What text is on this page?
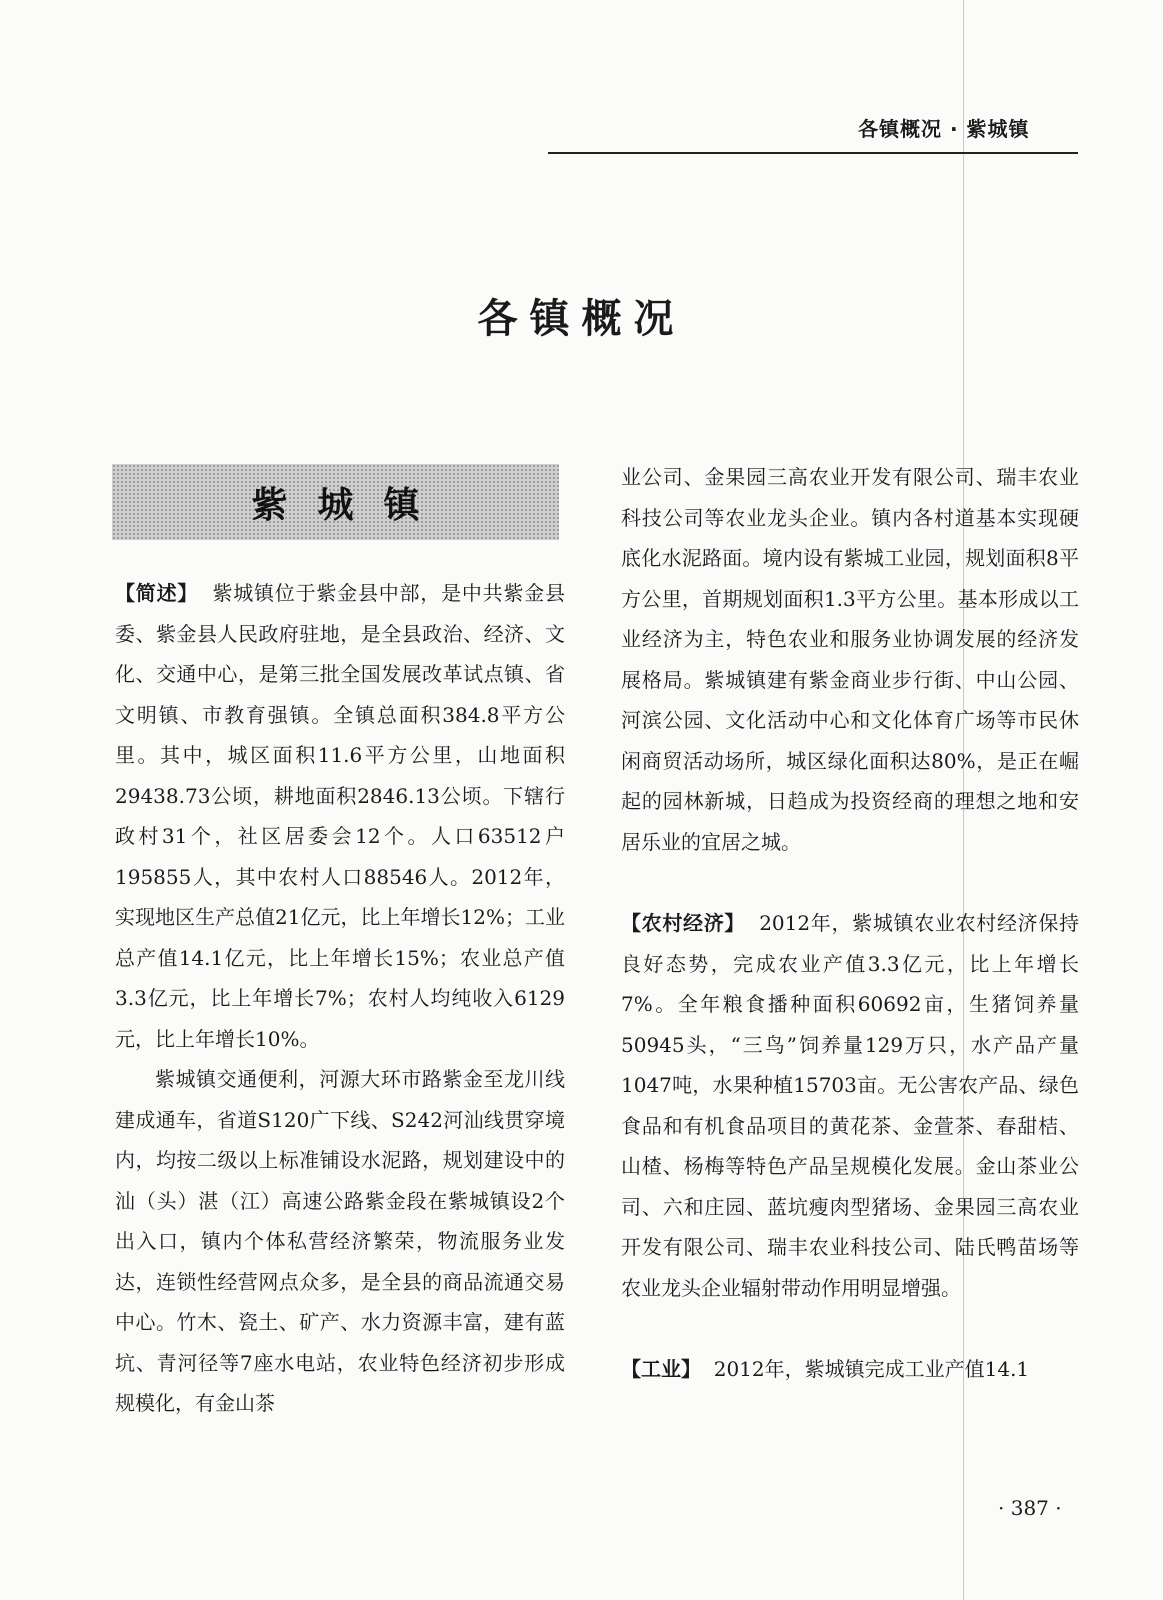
各镇概况 · 紫城镇
各镇概况
紫城镇

【简述】 紫城镇位于紫金县中部，是中共紫金县委、紫金县人民政府驻地，是全县政治、经济、文化、交通中心，是第三批全国发展改革试点镇、省文明镇、市教育强镇。全镇总面积384.8平方公里。其中，城区面积11.6平方公里，山地面积29438.73公顷，耕地面积2846.13公顷。下辖行政村31个，社区居委会12个。人口63512户195855人，其中农村人口88546人。2012年，实现地区生产总值21亿元，比上年增长12%；工业总产值14.1亿元，比上年增长15%；农业总产值3.3亿元，比上年增长7%；农村人均纯收入6129元，比上年增长10%。

紫城镇交通便利，河源大环市路紫金至龙川线建成通车，省道S120广下线、S242河汕线贯穿境内，均按二级以上标准铺设水泥路，规划建设中的汕（头）湛（江）高速公路紫金段在紫城镇设2个出入口，镇内个体私营经济繁荣，物流服务业发达，连锁性经营网点众多，是全县的商品流通交易中心。竹木、瓷土、矿产、水力资源丰富，建有蓝坑、青河径等7座水电站，农业特色经济初步形成规模化，有金山茶

业公司、金果园三高农业开发有限公司、瑞丰农业科技公司等农业龙头企业。镇内各村道基本实现硬底化水泥路面。境内设有紫城工业园，规划面积8平方公里，首期规划面积1.3平方公里。基本形成以工业经济为主，特色农业和服务业协调发展的经济发展格局。紫城镇建有紫金商业步行街、中山公园、河滨公园、文化活动中心和文化体育广场等市民休闲商贸活动场所，城区绿化面积达80%，是正在崛起的园林新城，日趋成为投资经商的理想之地和安居乐业的宜居之城。

【农村经济】 2012年，紫城镇农业农村经济保持良好态势，完成农业产值3.3亿元，比上年增长7%。全年粮食播种面积60692亩，生猪饲养量50945头，“三鸟”饲养量129万只，水产品产量1047吨，水果种植15703亩。无公害农产品、绿色食品和有机食品项目的黄花茶、金萱茶、春甜桔、山楂、杨梅等特色产品呈规模化发展。金山茶业公司、六和庄园、蓝坑瘦肉型猪场、金果园三高农业开发有限公司、瑞丰农业科技公司、陆氏鸭苗场等农业龙头企业辐射带动作用明显增强。

【工业】 2012年，紫城镇完成工业产值14.1

· 387 ·
